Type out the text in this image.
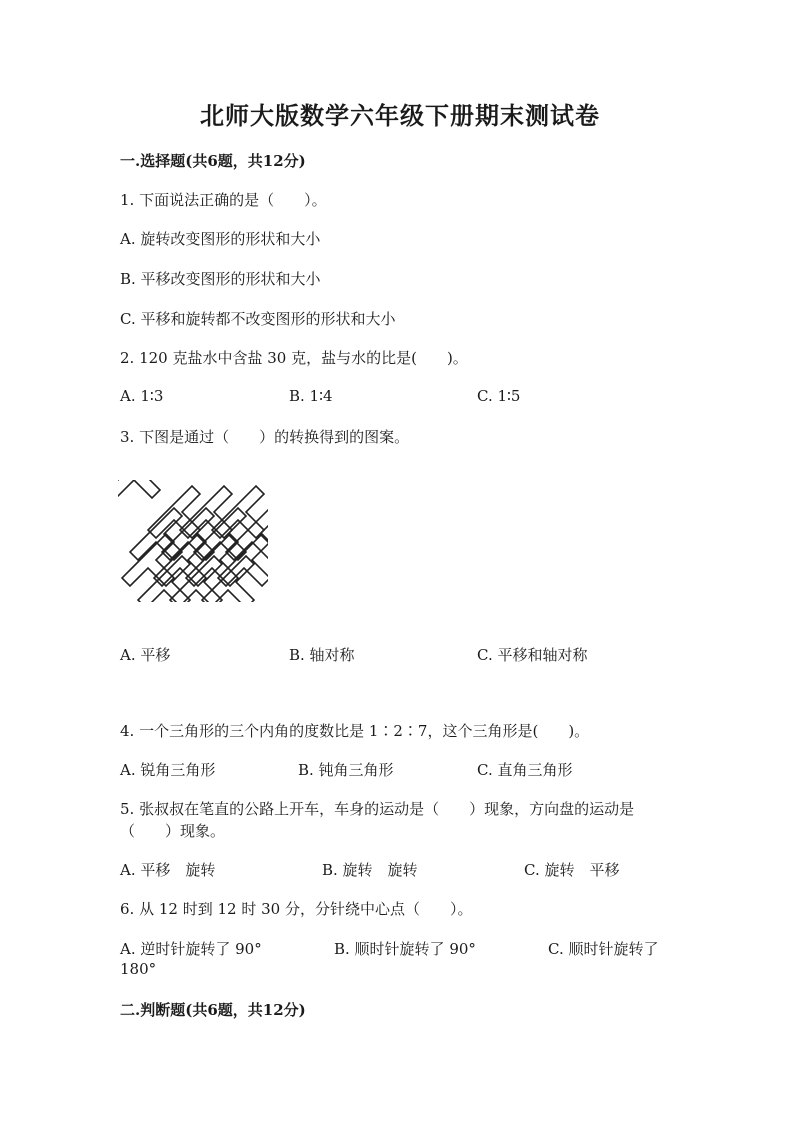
北师大版数学六年级下册期末测试卷
一.选择题(共6题，共12分)
1. 下面说法正确的是（　　）。
A. 旋转改变图形的形状和大小
B. 平移改变图形的形状和大小
C. 平移和旋转都不改变图形的形状和大小
2. 120 克盐水中含盐 30 克，盐与水的比是(　　)。
A. 1∶3	B. 1∶4	C. 1∶5
3. 下图是通过（　　）的转换得到的图案。
A. 平移	B. 轴对称	C. 平移和轴对称
4. 一个三角形的三个内角的度数比是 1∶2∶7，这个三角形是(　　)。
A. 锐角三角形	B. 钝角三角形	C. 直角三角形
5. 张叔叔在笔直的公路上开车，车身的运动是（　　）现象，方向盘的运动是
（　　）现象。
A. 平移　旋转	B. 旋转　旋转	C. 旋转　平移
6. 从 12 时到 12 时 30 分，分针绕中心点（　　）。
A. 逆时针旋转了 90°	B. 顺时针旋转了 90°	C. 顺时针旋转了
180°
二.判断题(共6题，共12分)
